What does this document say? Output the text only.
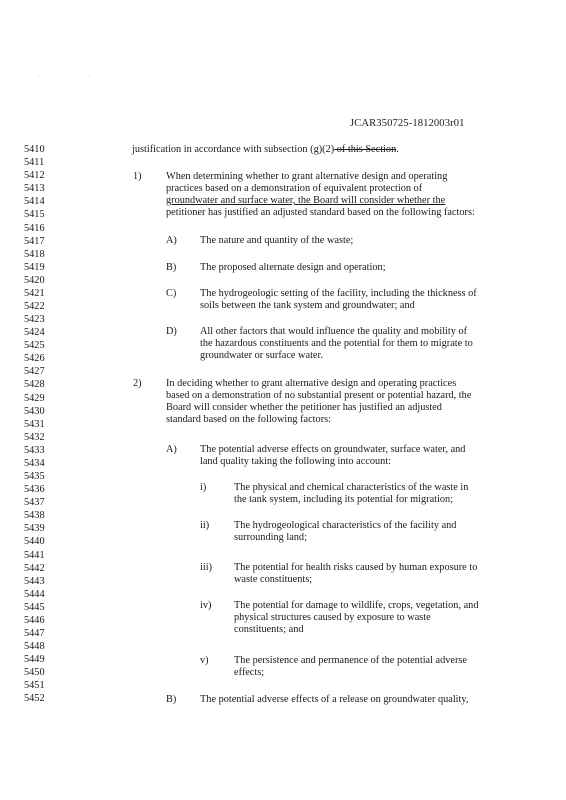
. .
JCAR350725-1812003r01
5410
5411
5412
5413
5414
5415
5416
5417
5418
5419
5420
5421
5422
5423
5424
5425
5426
5427
5428
5429
5430
5431
5432
5433
5434
5435
5436
5437
5438
5439
5440
5441
5442
5443
5444
5445
5446
5447
5448
5449
5450
5451
5452
justification in accordance with subsection (g)(2) of this Section.
1) When determining whether to grant alternative design and operating
practices based on a demonstration of equivalent protection of
groundwater and surface water, the Board will consider whether the
petitioner has justified an adjusted standard based on the following factors:
A) The nature and quantity of the waste;
B) The proposed alternate design and operation;
C) The hydrogeologic setting of the facility, including the thickness of
soils between the tank system and groundwater; and
D) All other factors that would influence the quality and mobility of
the hazardous constituents and the potential for them to migrate to
groundwater or surface water.
2) In deciding whether to grant alternative design and operating practices
based on a demonstration of no substantial present or potential hazard, the
Board will consider whether the petitioner has justified an adjusted
standard based on the following factors:
A) The potential adverse effects on groundwater, surface water, and
land quality taking the following into account:
i)	The physical and chemical characteristics of the waste in
the tank system, including its potential for migration;
ii) The hydrogeological characteristics of the facility and
surrounding land;
iii) The potential for health risks caused by human exposure to
waste constituents;
iv) The potential for damage to wildlife, crops, vegetation, and
physical structures caused by exposure to waste
constituents; and
v) The persistence and permanence of the potential adverse
effects;
B) The potential adverse effects of a release on groundwater quality,
